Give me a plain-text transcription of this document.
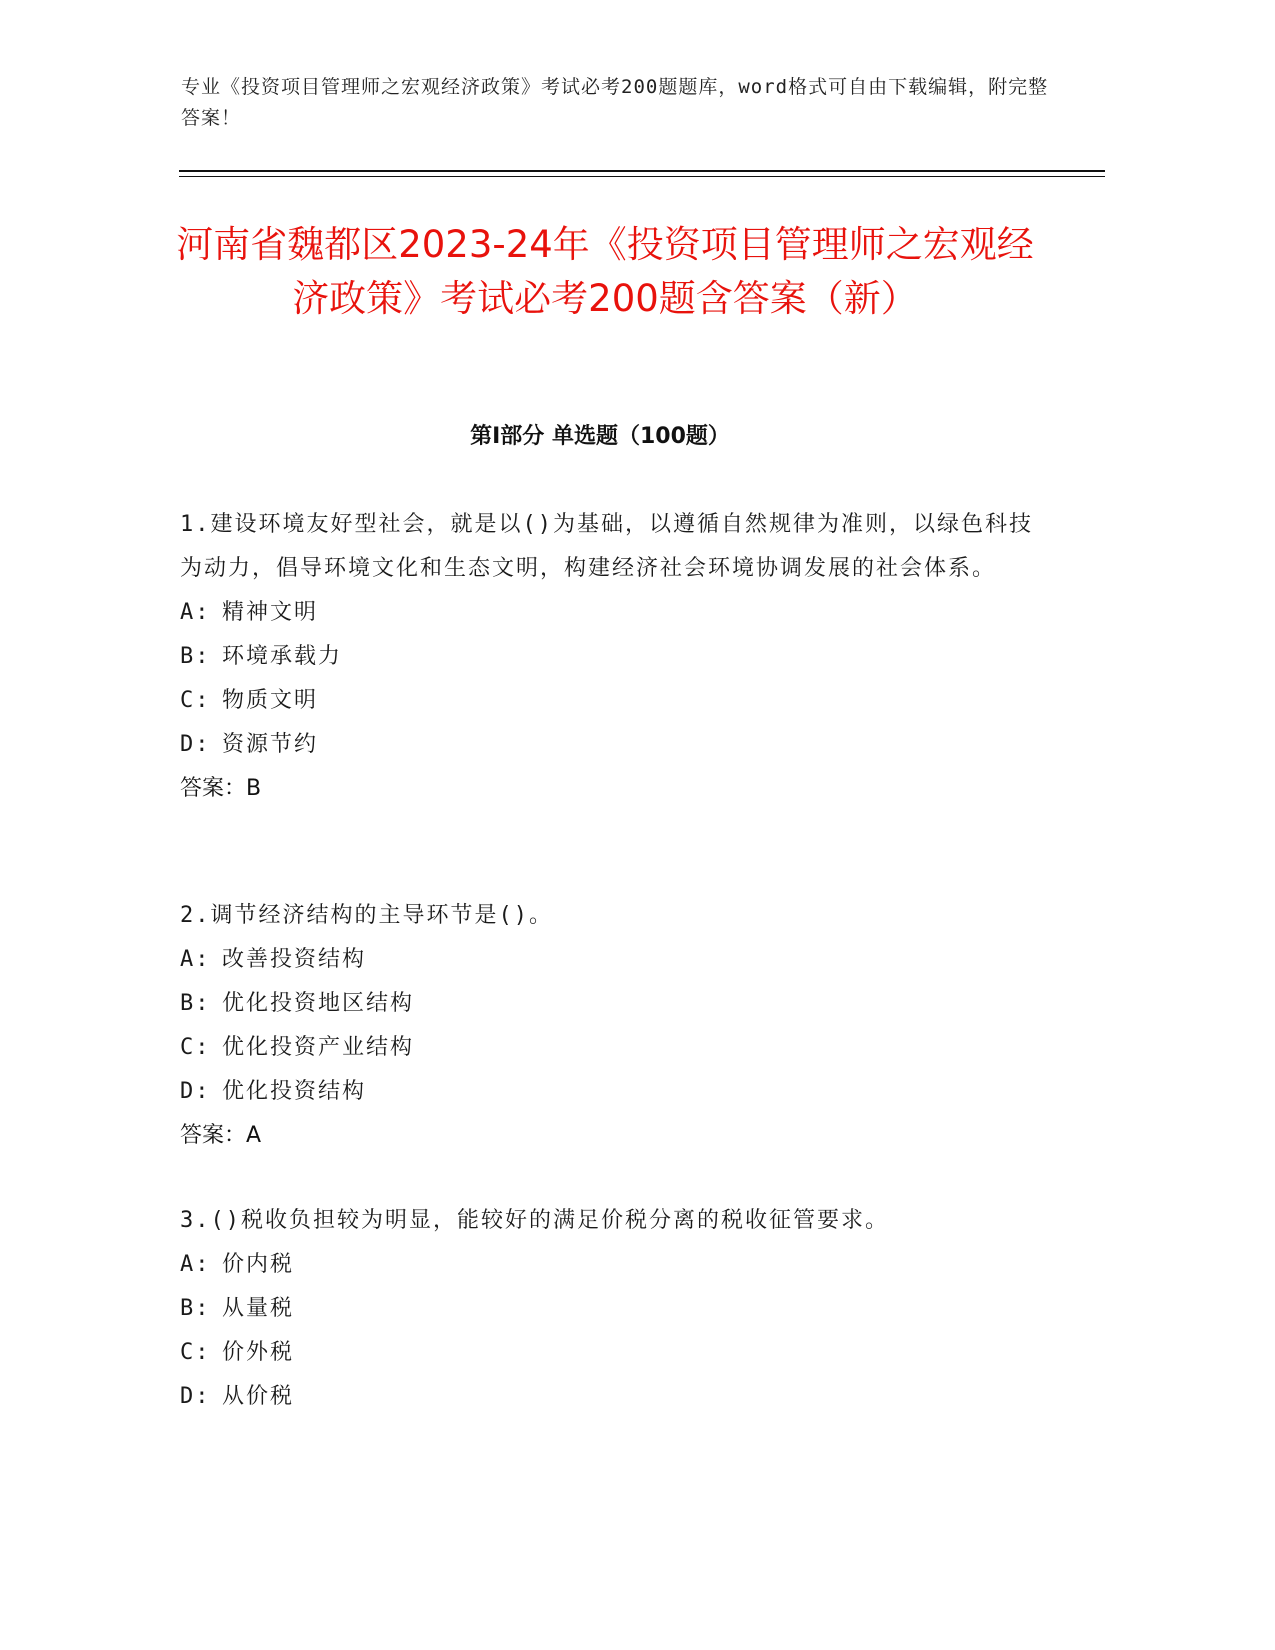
专业《投资项目管理师之宏观经济政策》考试必考200题题库，word格式可自由下载编辑，附完整答案！
河南省魏都区2023-24年《投资项目管理师之宏观经济政策》考试必考200题含答案（新）
第I部分 单选题（100题）
1.建设环境友好型社会，就是以()为基础，以遵循自然规律为准则，以绿色科技为动力，倡导环境文化和生态文明，构建经济社会环境协调发展的社会体系。
A: 精神文明
B: 环境承载力
C: 物质文明
D: 资源节约
答案：B
2.调节经济结构的主导环节是()。
A: 改善投资结构
B: 优化投资地区结构
C: 优化投资产业结构
D: 优化投资结构
答案：A
3.()税收负担较为明显，能较好的满足价税分离的税收征管要求。
A: 价内税
B: 从量税
C: 价外税
D: 从价税
